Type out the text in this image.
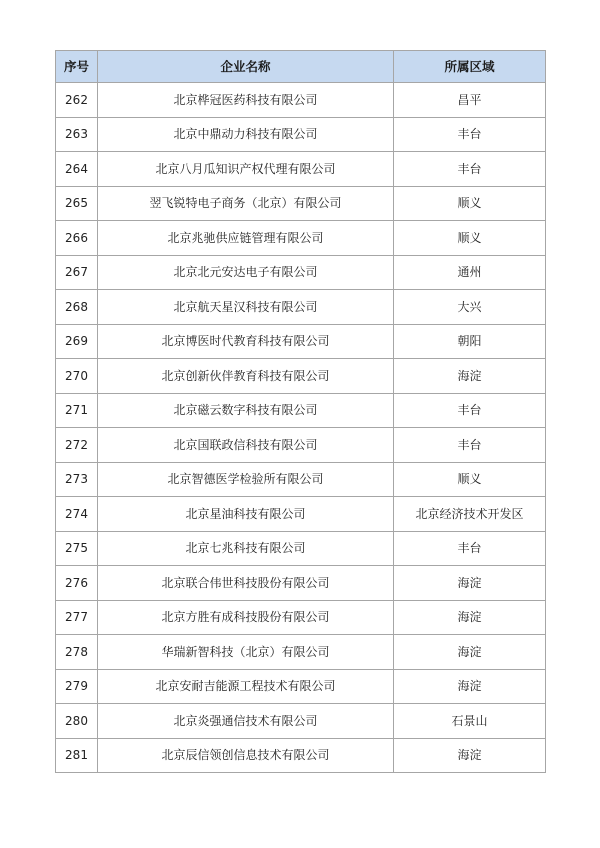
序号	企业名称	所属区域
262	北京桦冠医药科技有限公司	昌平
263	北京中鼎动力科技有限公司	丰台
264	北京八月瓜知识产权代理有限公司	丰台
265	翌飞锐特电子商务（北京）有限公司	顺义
266	北京兆驰供应链管理有限公司	顺义
267	北京北元安达电子有限公司	通州
268	北京航天星汉科技有限公司	大兴
269	北京博医时代教育科技有限公司	朝阳
270	北京创新伙伴教育科技有限公司	海淀
271	北京磁云数字科技有限公司	丰台
272	北京国联政信科技有限公司	丰台
273	北京智德医学检验所有限公司	顺义
274	北京星油科技有限公司	北京经济技术开发区
275	北京七兆科技有限公司	丰台
276	北京联合伟世科技股份有限公司	海淀
277	北京方胜有成科技股份有限公司	海淀
278	华瑞新智科技（北京）有限公司	海淀
279	北京安耐吉能源工程技术有限公司	海淀
280	北京炎强通信技术有限公司	石景山
281	北京辰信领创信息技术有限公司	海淀
